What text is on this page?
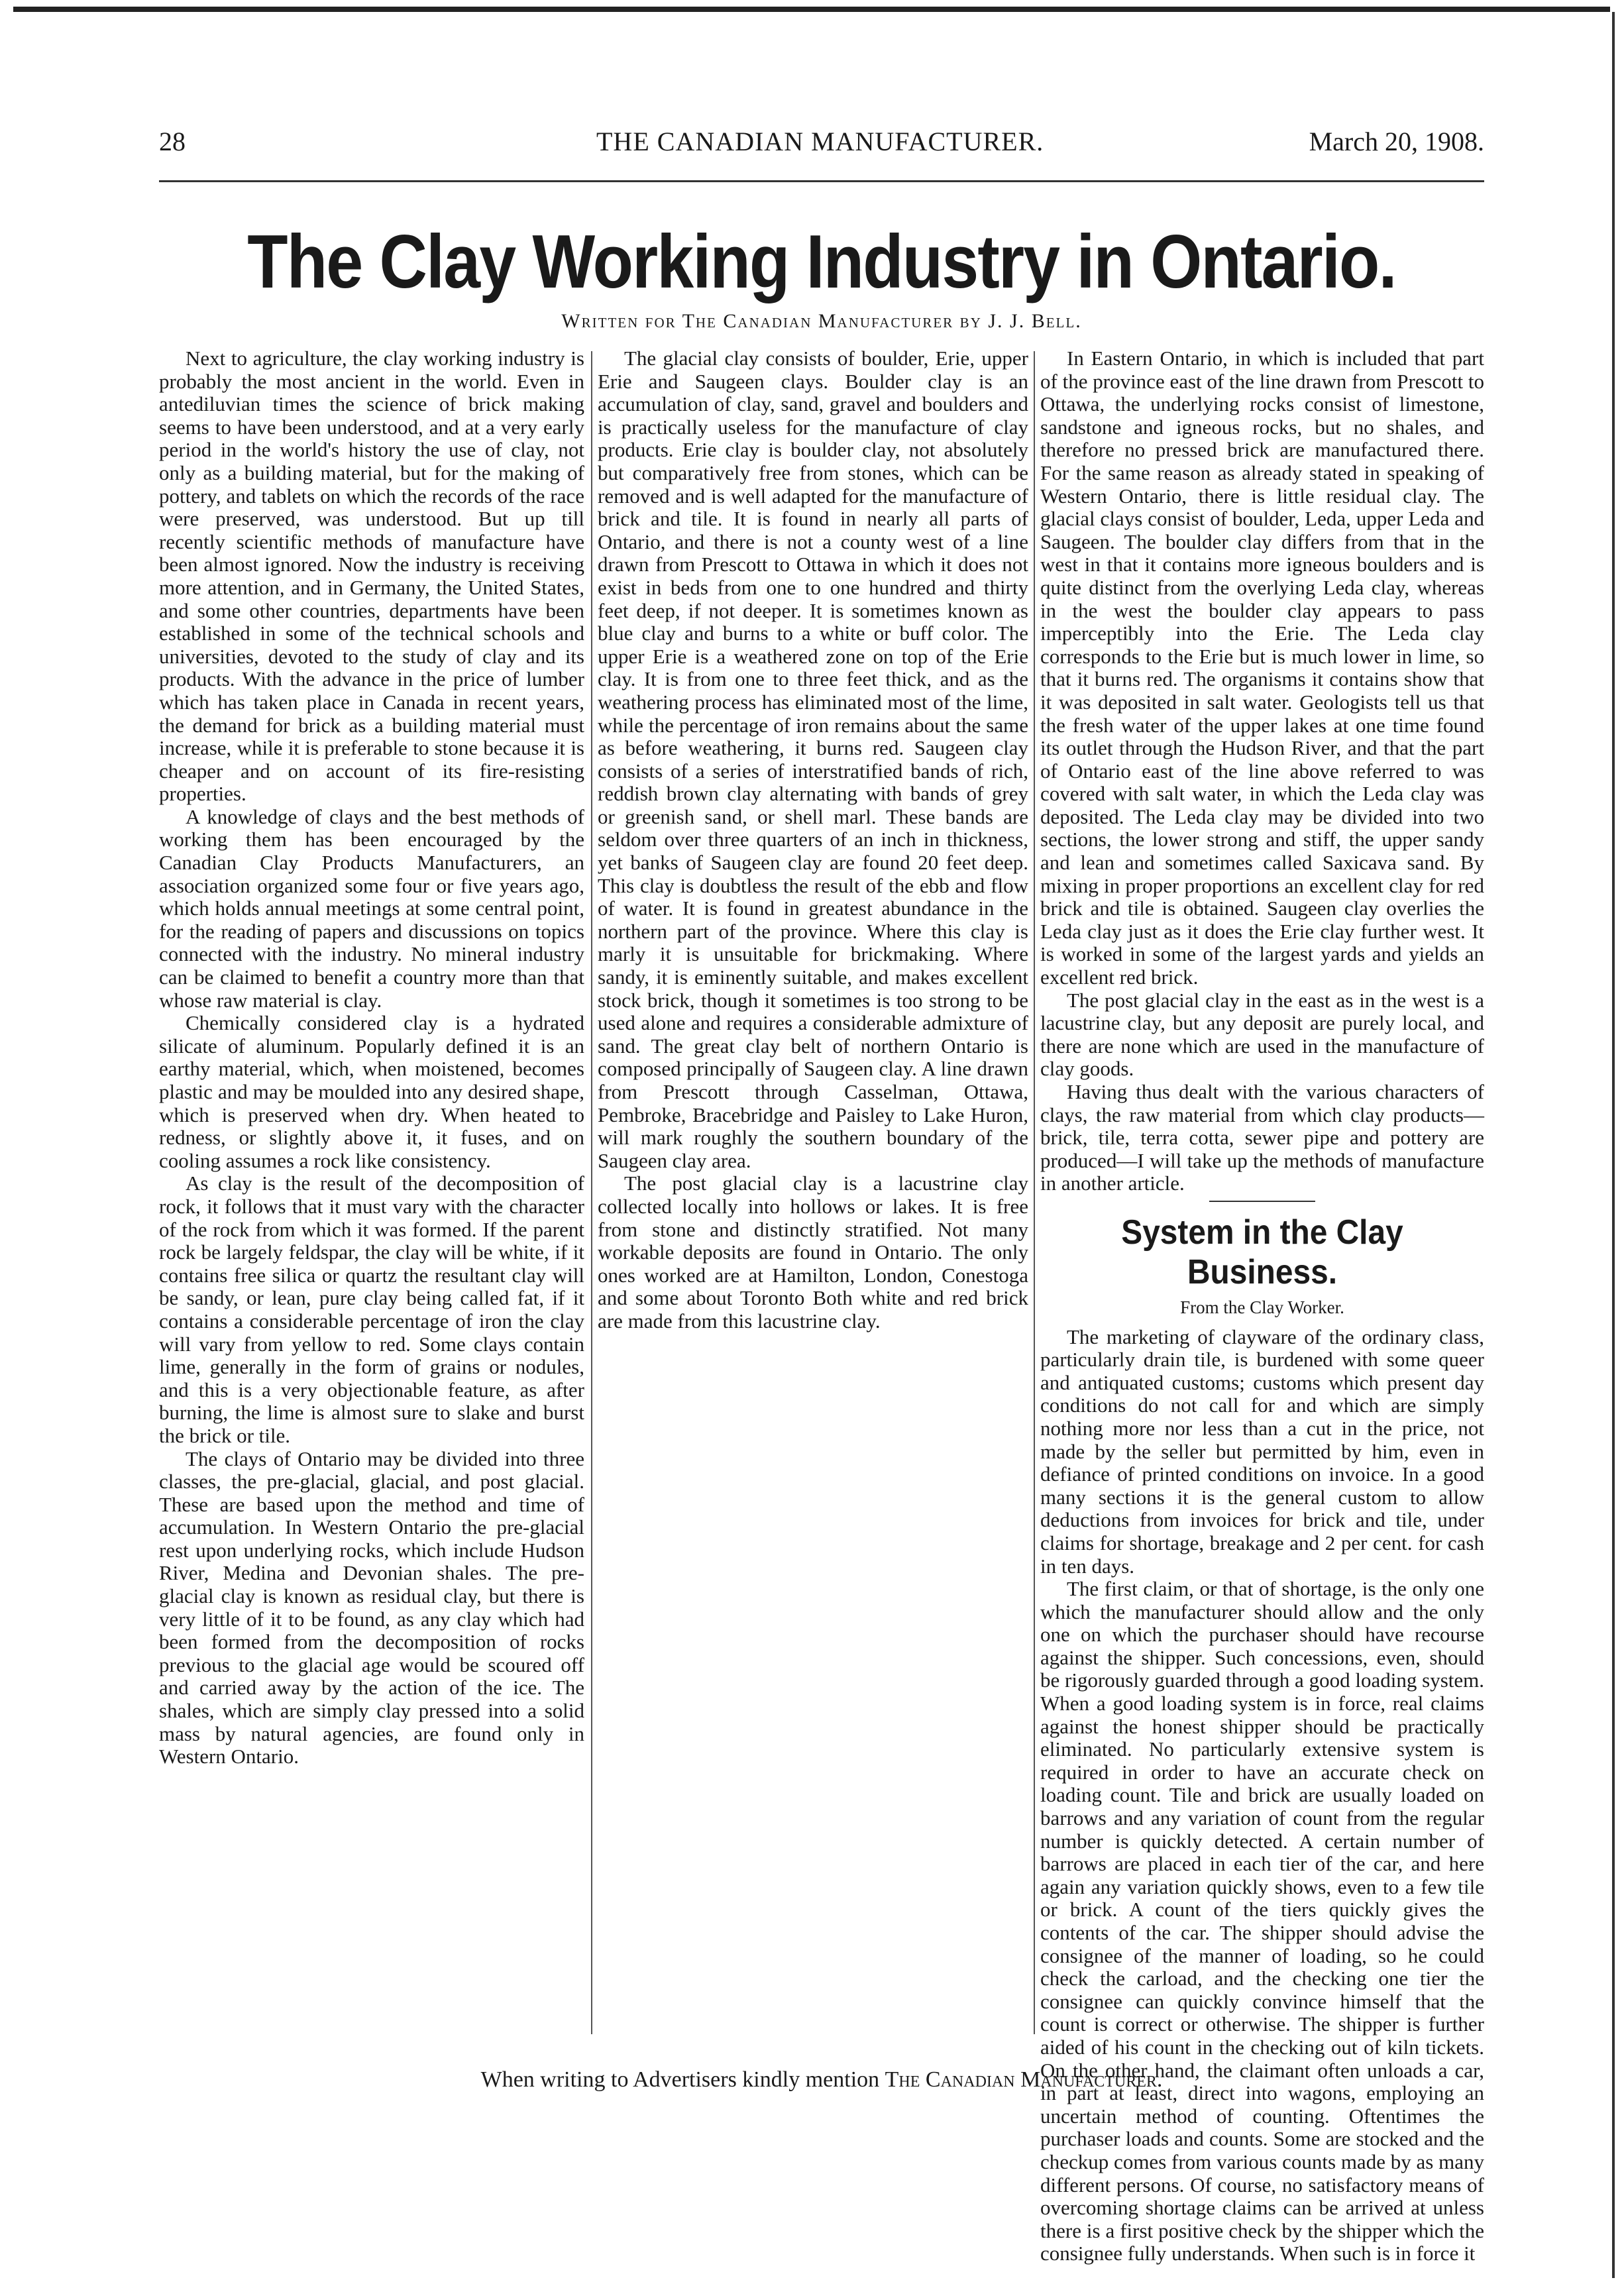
28	THE CANADIAN MANUFACTURER.	March 20, 1908.
The Clay Working Industry in Ontario.
Written for The Canadian Manufacturer by J. J. Bell.

Next to agriculture, the clay working industry is probably the most ancient in the world. Even in antediluvian times the science of brick making seems to have been understood, and at a very early period in the world's history the use of clay, not only as a building material, but for the making of pottery, and tablets on which the records of the race were preserved, was understood. But up till recently scientific methods of manufacture have been almost ignored. Now the industry is receiving more attention, and in Germany, the United States, and some other countries, departments have been established in some of the technical schools and universities, devoted to the study of clay and its products. With the advance in the price of lumber which has taken place in Canada in recent years, the demand for brick as a building material must increase, while it is preferable to stone because it is cheaper and on account of its fire-resisting properties.

A knowledge of clays and the best methods of working them has been encouraged by the Canadian Clay Products Manufacturers, an association organized some four or five years ago, which holds annual meetings at some central point, for the reading of papers and discussions on topics connected with the industry. No mineral industry can be claimed to benefit a country more than that whose raw material is clay.

Chemically considered clay is a hydrated silicate of aluminum. Popularly defined it is an earthy material, which, when moistened, becomes plastic and may be moulded into any desired shape, which is preserved when dry. When heated to redness, or slightly above it, it fuses, and on cooling assumes a rock like consistency.

As clay is the result of the decomposition of rock, it follows that it must vary with the character of the rock from which it was formed. If the parent rock be largely feldspar, the clay will be white, if it contains free silica or quartz the resultant clay will be sandy, or lean, pure clay being called fat, if it contains a considerable percentage of iron the clay will vary from yellow to red. Some clays contain lime, generally in the form of grains or nodules, and this is a very objectionable feature, as after burning, the lime is almost sure to slake and burst the brick or tile.

The clays of Ontario may be divided into three classes, the pre-glacial, glacial, and post glacial. These are based upon the method and time of accumulation. In Western Ontario the pre-glacial rest upon underlying rocks, which include Hudson River, Medina and Devonian shales. The pre-glacial clay is known as residual clay, but there is very little of it to be found, as any clay which had been formed from the decomposition of rocks previous to the glacial age would be scoured off and carried away by the action of the ice. The shales, which are simply clay pressed into a solid mass by natural agencies, are found only in Western Ontario.

The glacial clay consists of boulder, Erie, upper Erie and Saugeen clays. Boulder clay is an accumulation of clay, sand, gravel and boulders and is practically useless for the manufacture of clay products. Erie clay is boulder clay, not absolutely but comparatively free from stones, which can be removed and is well adapted for the manufacture of brick and tile. It is found in nearly all parts of Ontario, and there is not a county west of a line drawn from Prescott to Ottawa in which it does not exist in beds from one to one hundred and thirty feet deep, if not deeper. It is sometimes known as blue clay and burns to a white or buff color. The upper Erie is a weathered zone on top of the Erie clay. It is from one to three feet thick, and as the weathering process has eliminated most of the lime, while the percentage of iron remains about the same as before weathering, it burns red. Saugeen clay consists of a series of interstratified bands of rich, reddish brown clay alternating with bands of grey or greenish sand, or shell marl. These bands are seldom over three quarters of an inch in thickness, yet banks of Saugeen clay are found 20 feet deep. This clay is doubtless the result of the ebb and flow of water. It is found in greatest abundance in the northern part of the province. Where this clay is marly it is unsuitable for brickmaking. Where sandy, it is eminently suitable, and makes excellent stock brick, though it sometimes is too strong to be used alone and requires a considerable admixture of sand. The great clay belt of northern Ontario is composed principally of Saugeen clay. A line drawn from Prescott through Casselman, Ottawa, Pembroke, Bracebridge and Paisley to Lake Huron, will mark roughly the southern boundary of the Saugeen clay area.

The post glacial clay is a lacustrine clay collected locally into hollows or lakes. It is free from stone and distinctly stratified. Not many workable deposits are found in Ontario. The only ones worked are at Hamilton, London, Conestoga and some about Toronto Both white and red brick are made from this lacustrine clay.

In Eastern Ontario, in which is included that part of the province east of the line drawn from Prescott to Ottawa, the underlying rocks consist of limestone, sandstone and igneous rocks, but no shales, and therefore no pressed brick are manufactured there. For the same reason as already stated in speaking of Western Ontario, there is little residual clay. The glacial clays consist of boulder, Leda, upper Leda and Saugeen. The boulder clay differs from that in the west in that it contains more igneous boulders and is quite distinct from the overlying Leda clay, whereas in the west the boulder clay appears to pass imperceptibly into the Erie. The Leda clay corresponds to the Erie but is much lower in lime, so that it burns red. The organisms it contains show that it was deposited in salt water. Geologists tell us that the fresh water of the upper lakes at one time found its outlet through the Hudson River, and that the part of Ontario east of the line above referred to was covered with salt water, in which the Leda clay was deposited. The Leda clay may be divided into two sections, the lower strong and stiff, the upper sandy and lean and sometimes called Saxicava sand. By mixing in proper proportions an excellent clay for red brick and tile is obtained. Saugeen clay overlies the Leda clay just as it does the Erie clay further west. It is worked in some of the largest yards and yields an excellent red brick.

The post glacial clay in the east as in the west is a lacustrine clay, but any deposit are purely local, and there are none which are used in the manufacture of clay goods.

Having thus dealt with the various characters of clays, the raw material from which clay products—brick, tile, terra cotta, sewer pipe and pottery are produced—I will take up the methods of manufacture in another article.

System in the Clay Business.
From the Clay Worker.

The marketing of clayware of the ordinary class, particularly drain tile, is burdened with some queer and antiquated customs; customs which present day conditions do not call for and which are simply nothing more nor less than a cut in the price, not made by the seller but permitted by him, even in defiance of printed conditions on invoice. In a good many sections it is the general custom to allow deductions from invoices for brick and tile, under claims for shortage, breakage and 2 per cent. for cash in ten days.

The first claim, or that of shortage, is the only one which the manufacturer should allow and the only one on which the purchaser should have recourse against the shipper. Such concessions, even, should be rigorously guarded through a good loading system. When a good loading system is in force, real claims against the honest shipper should be practically eliminated. No particularly extensive system is required in order to have an accurate check on loading count. Tile and brick are usually loaded on barrows and any variation of count from the regular number is quickly detected. A certain number of barrows are placed in each tier of the car, and here again any variation quickly shows, even to a few tile or brick. A count of the tiers quickly gives the contents of the car. The shipper should advise the consignee of the manner of loading, so he could check the carload, and the checking one tier the consignee can quickly convince himself that the count is correct or otherwise. The shipper is further aided of his count in the checking out of kiln tickets. On the other hand, the claimant often unloads a car, in part at least, direct into wagons, employing an uncertain method of counting. Oftentimes the purchaser loads and counts. Some are stocked and the checkup comes from various counts made by as many different persons. Of course, no satisfactory means of overcoming shortage claims can be arrived at unless there is a first positive check by the shipper which the consignee fully understands. When such is in force it

When writing to Advertisers kindly mention The Canadian Manufacturer.
